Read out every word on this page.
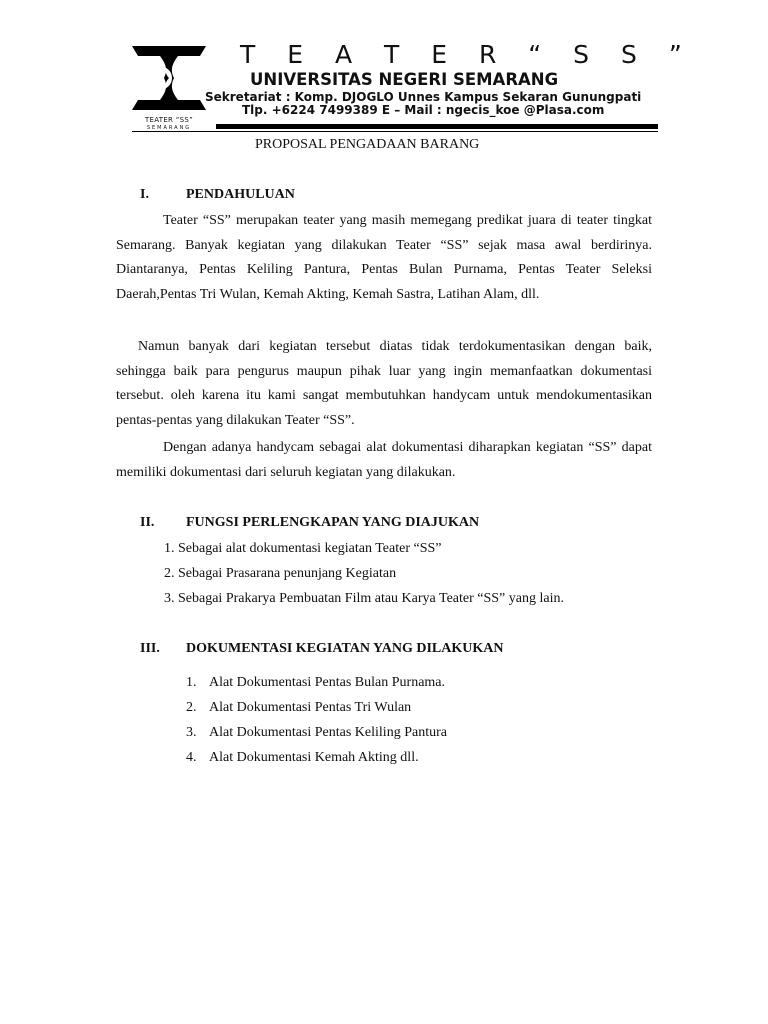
TEATER “SS”
SEMARANG
T E A T E R “ S S ”
UNIVERSITAS NEGERI SEMARANG
Sekretariat : Komp. DJOGLO Unnes Kampus Sekaran Gunungpati
Tlp. +6224 7499389 E – Mail : ngecis_koe @Plasa.com
PROPOSAL PENGADAAN BARANG
I.	PENDAHULUAN
Teater “SS” merupakan teater yang masih memegang predikat juara di teater tingkat Semarang. Banyak kegiatan yang dilakukan Teater “SS” sejak masa awal berdirinya. Diantaranya, Pentas Keliling Pantura, Pentas Bulan Purnama, Pentas Teater Seleksi Daerah,Pentas Tri Wulan, Kemah Akting, Kemah Sastra, Latihan Alam, dll.
Namun banyak dari kegiatan tersebut diatas tidak terdokumentasikan dengan baik, sehingga baik para pengurus maupun pihak luar yang ingin memanfaatkan dokumentasi tersebut. oleh karena itu kami sangat membutuhkan handycam untuk mendokumentasikan pentas-pentas yang dilakukan Teater “SS”.
Dengan adanya handycam sebagai alat dokumentasi diharapkan kegiatan “SS” dapat memiliki dokumentasi dari seluruh kegiatan yang dilakukan.
II. FUNGSI PERLENGKAPAN YANG DIAJUKAN
1. Sebagai alat dokumentasi kegiatan Teater “SS”
2. Sebagai Prasarana penunjang Kegiatan
3. Sebagai Prakarya Pembuatan Film atau Karya Teater “SS” yang lain.
III. DOKUMENTASI KEGIATAN YANG DILAKUKAN
1. Alat Dokumentasi Pentas Bulan Purnama.
2. Alat Dokumentasi Pentas Tri Wulan
3. Alat Dokumentasi Pentas Keliling Pantura
4. Alat Dokumentasi Kemah Akting dll.
